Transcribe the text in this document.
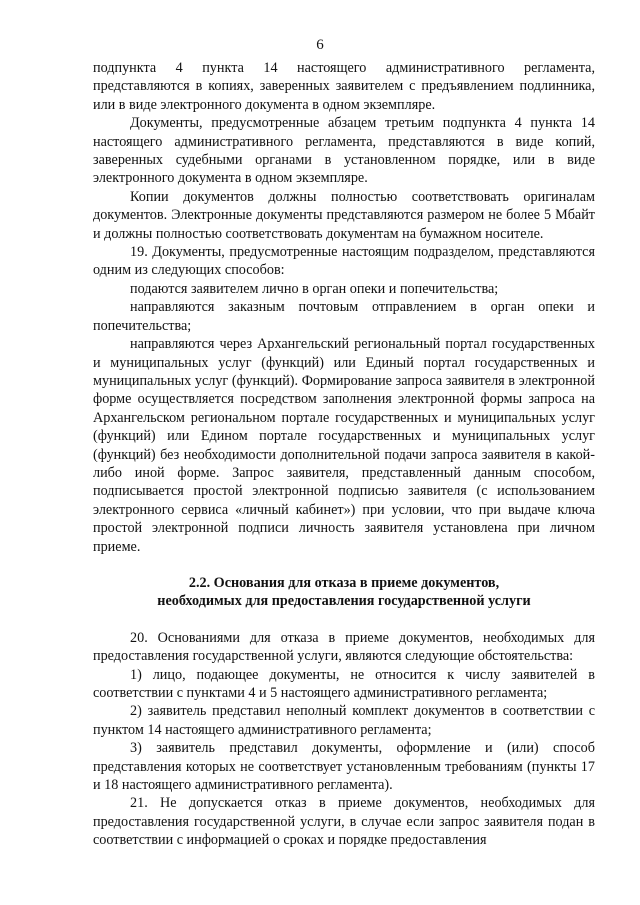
6

подпункта 4 пункта 14 настоящего административного регламента, представляются в копиях, заверенных заявителем с предъявлением подлинника, или в виде электронного документа в одном экземпляре.

Документы, предусмотренные абзацем третьим подпункта 4 пункта 14 настоящего административного регламента, представляются в виде копий, заверенных судебными органами в установленном порядке, или в виде электронного документа в одном экземпляре.

Копии документов должны полностью соответствовать оригиналам документов. Электронные документы представляются размером не более 5 Мбайт и должны полностью соответствовать документам на бумажном носителе.

19. Документы, предусмотренные настоящим подразделом, представляются одним из следующих способов:

подаются заявителем лично в орган опеки и попечительства;

направляются заказным почтовым отправлением в орган опеки и попечительства;

направляются через Архангельский региональный портал государственных и муниципальных услуг (функций) или Единый портал государственных и муниципальных услуг (функций). Формирование запроса заявителя в электронной форме осуществляется посредством заполнения электронной формы запроса на Архангельском региональном портале государственных и муниципальных услуг (функций) или Едином портале государственных и муниципальных услуг (функций) без необходимости дополнительной подачи запроса заявителя в какой-либо иной форме. Запрос заявителя, представленный данным способом, подписывается простой электронной подписью заявителя (с использованием электронного сервиса «личный кабинет») при условии, что при выдаче ключа простой электронной подписи личность заявителя установлена при личном приеме.

2.2. Основания для отказа в приеме документов,

необходимых для предоставления государственной услуги

20. Основаниями для отказа в приеме документов, необходимых для предоставления государственной услуги, являются следующие обстоятельства:

1) лицо, подающее документы, не относится к числу заявителей в соответствии с пунктами 4 и 5 настоящего административного регламента;

2) заявитель представил неполный комплект документов в соответствии с пунктом 14 настоящего административного регламента;

3) заявитель представил документы, оформление и (или) способ представления которых не соответствует установленным требованиям (пункты 17 и 18 настоящего административного регламента).

21. Не допускается отказ в приеме документов, необходимых для предоставления государственной услуги, в случае если запрос заявителя подан в соответствии с информацией о сроках и порядке предоставления
